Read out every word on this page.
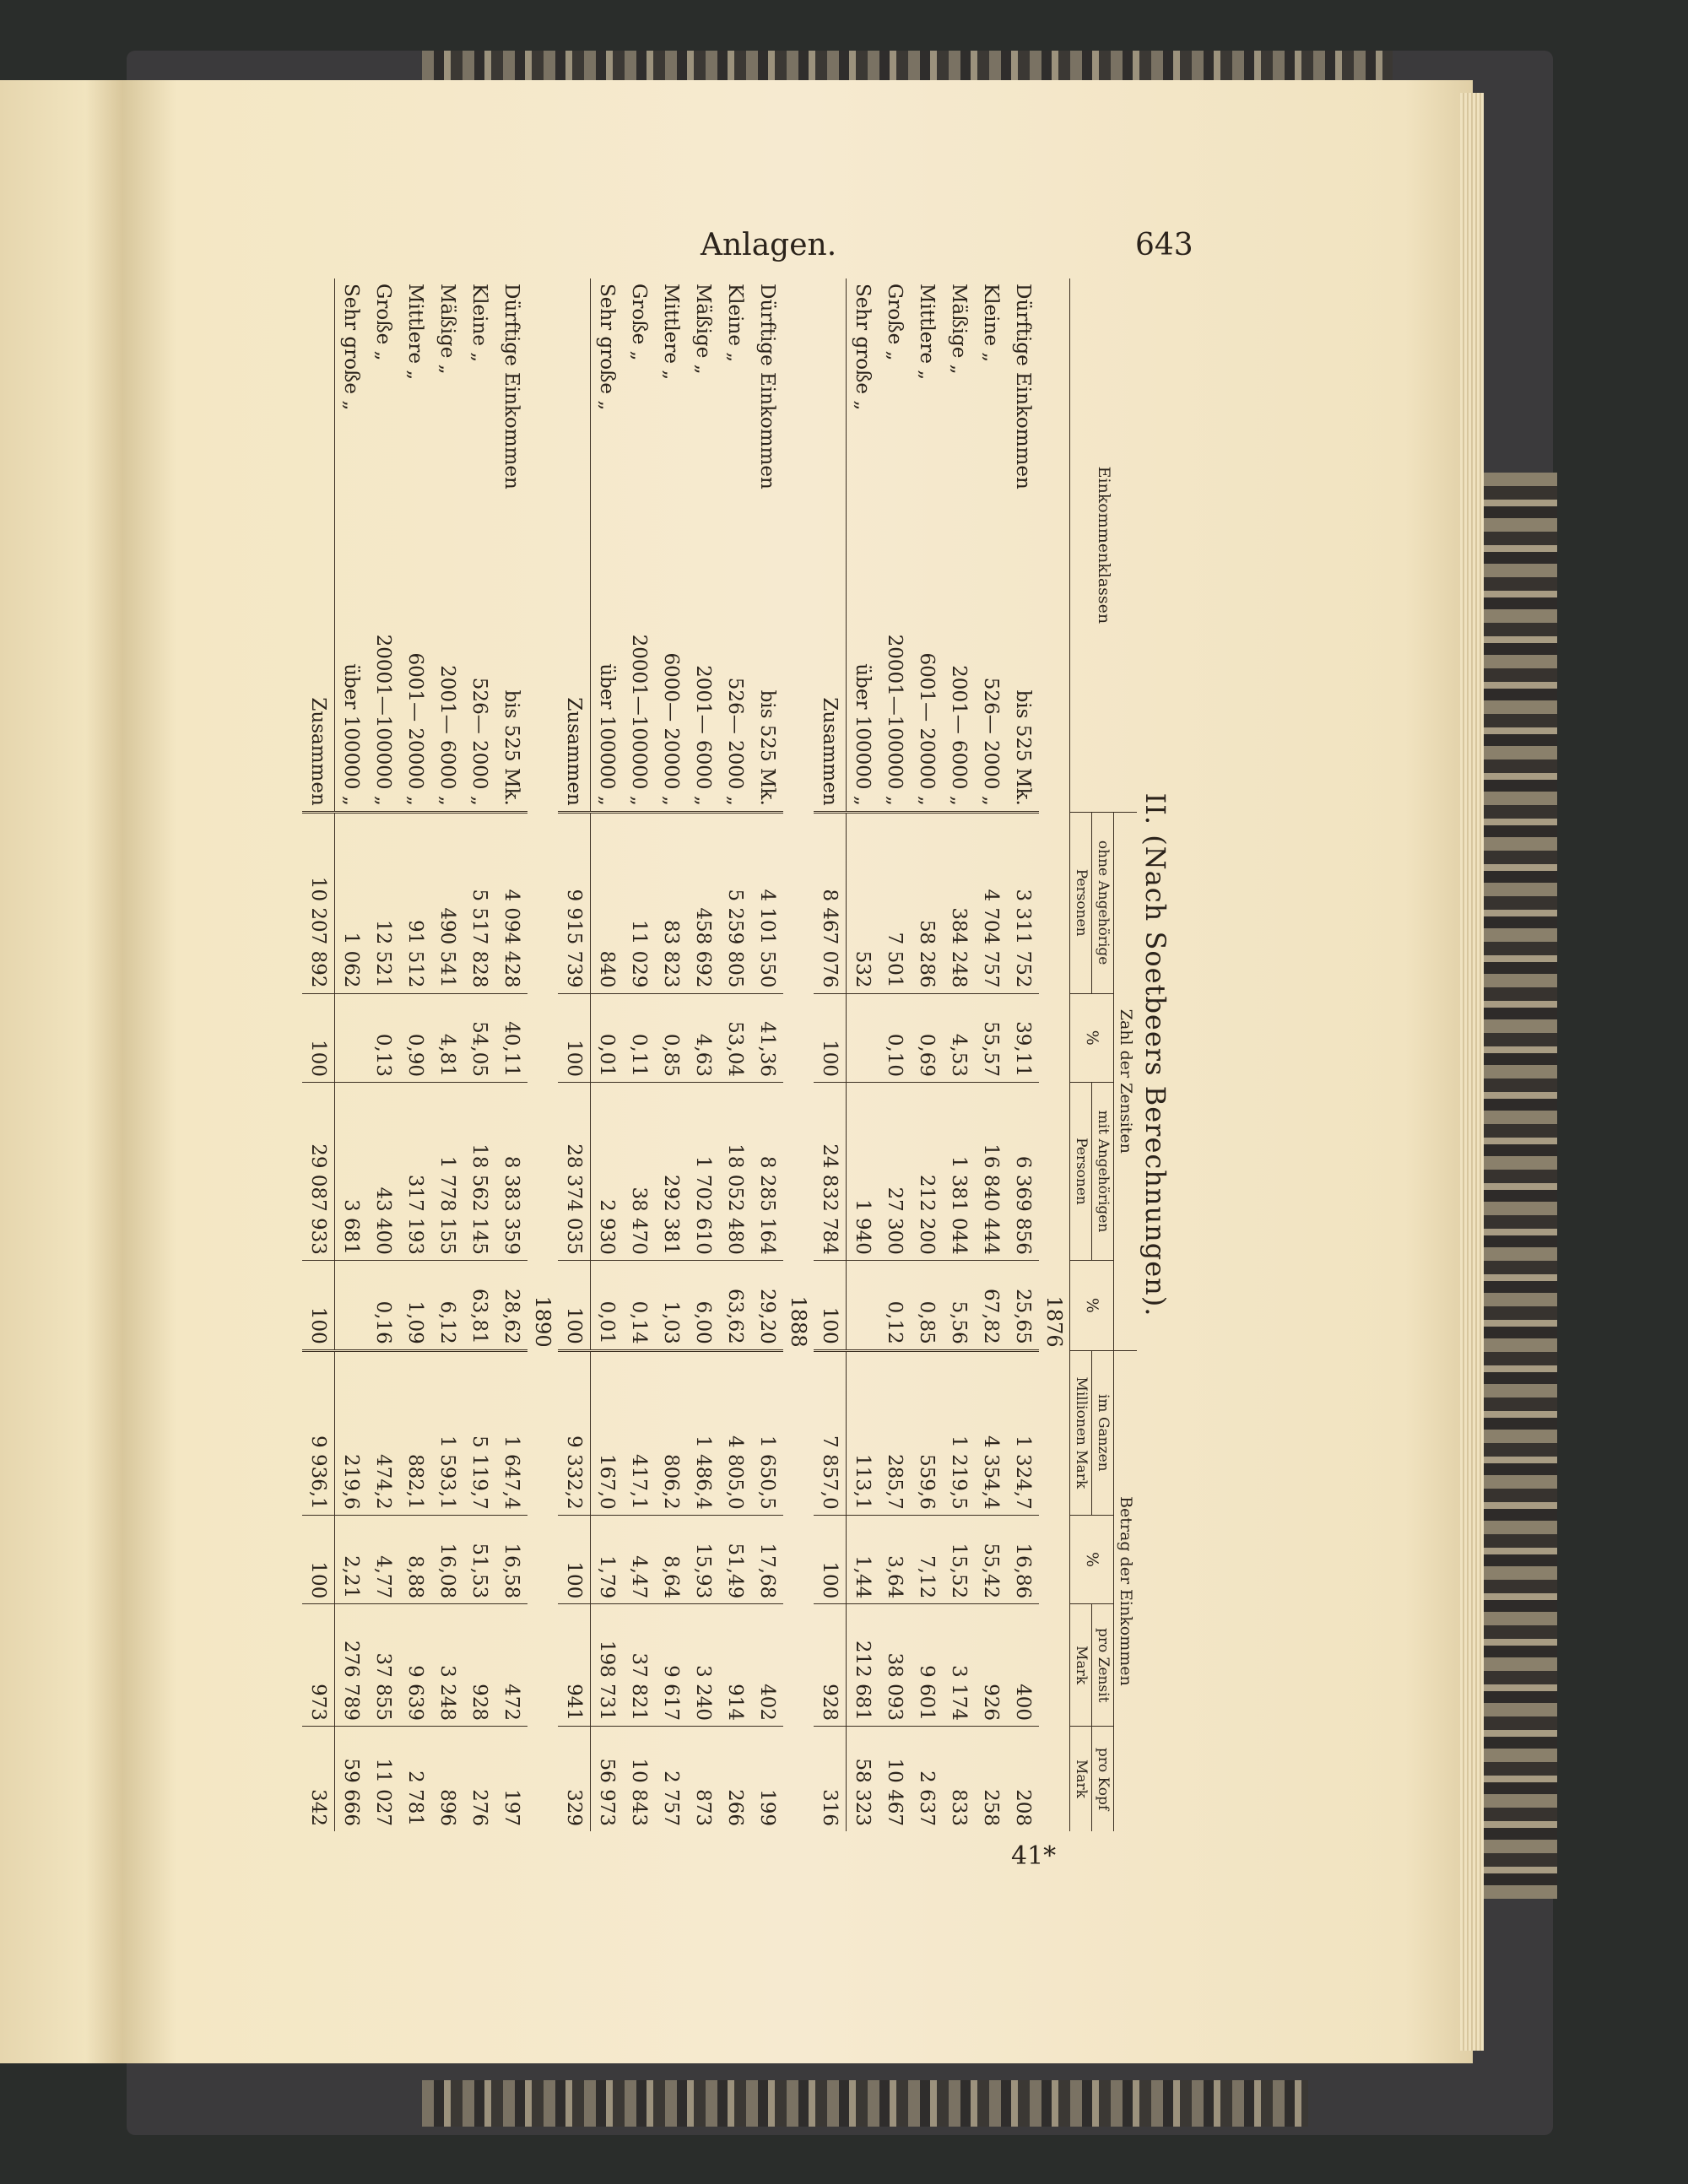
Anlagen.	643
41*
II. (Nach Soetbeers Berechnungen).
Einkommenklassen		Zahl der Zensiten				Betrag der Einkommen			
		ohne Angehörige	%	mit Angehörigen	%	im Ganzen	%	pro Zensit	pro Kopf
		Personen		Personen		Millionen Mark		Mark	Mark
		1876							
Dürftige Einkommen	bis 525 Mk.	3 311 752	39,11	6 369 856	25,65	1 324,7	16,86	400	208
Kleine „	526— 2000 „	4 704 757	55,57	16 840 444	67,82	4 354,4	55,42	926	258
Mäßige „	2001— 6000 „	384 248	4,53	1 381 044	5,56	1 219,5	15,52	3 174	833
Mittlere „	6001— 20000 „	58 286	0,69	212 200	0,85	559,6	7,12	9 601	2 637
Große „	20001—100000 „	7 501	0,10	27 300	0,12	285,7	3,64	38 093	10 467
Sehr große „	über 100000 „	532		1 940		113,1	1,44	212 681	58 323
	Zusammen	8 467 076	100	24 832 784	100	7 857,0	100	928	316
		1888							
Dürftige Einkommen	bis 525 Mk.	4 101 550	41,36	8 285 164	29,20	1 650,5	17,68	402	199
Kleine „	526— 2000 „	5 259 805	53,04	18 052 480	63,62	4 805,0	51,49	914	266
Mäßige „	2001— 6000 „	458 692	4,63	1 702 610	6,00	1 486,4	15,93	3 240	873
Mittlere „	6000— 20000 „	83 823	0,85	292 381	1,03	806,2	8,64	9 617	2 757
Große „	20001—100000 „	11 029	0,11	38 470	0,14	417,1	4,47	37 821	10 843
Sehr große „	über 100000 „	840	0,01	2 930	0,01	167,0	1,79	198 731	56 973
	Zusammen	9 915 739	100	28 374 035	100	9 332,2	100	941	329
		1890							
Dürftige Einkommen	bis 525 Mk.	4 094 428	40,11	8 383 359	28,62	1 647,4	16,58	472	197
Kleine „	526— 2000 „	5 517 828	54,05	18 562 145	63,81	5 119,7	51,53	928	276
Mäßige „	2001— 6000 „	490 541	4,81	1 778 155	6,12	1 593,1	16,08	3 248	896
Mittlere „	6001— 20000 „	91 512	0,90	317 193	1,09	882,1	8,88	9 639	2 781
Große „	20001—100000 „	12 521	0,13	43 400	0,16	474,2	4,77	37 855	11 027
Sehr große „	über 100000 „	1 062		3 681		219,6	2,21	276 789	59 666
	Zusammen	10 207 892	100	29 087 933	100	9 936,1	100	973	342
